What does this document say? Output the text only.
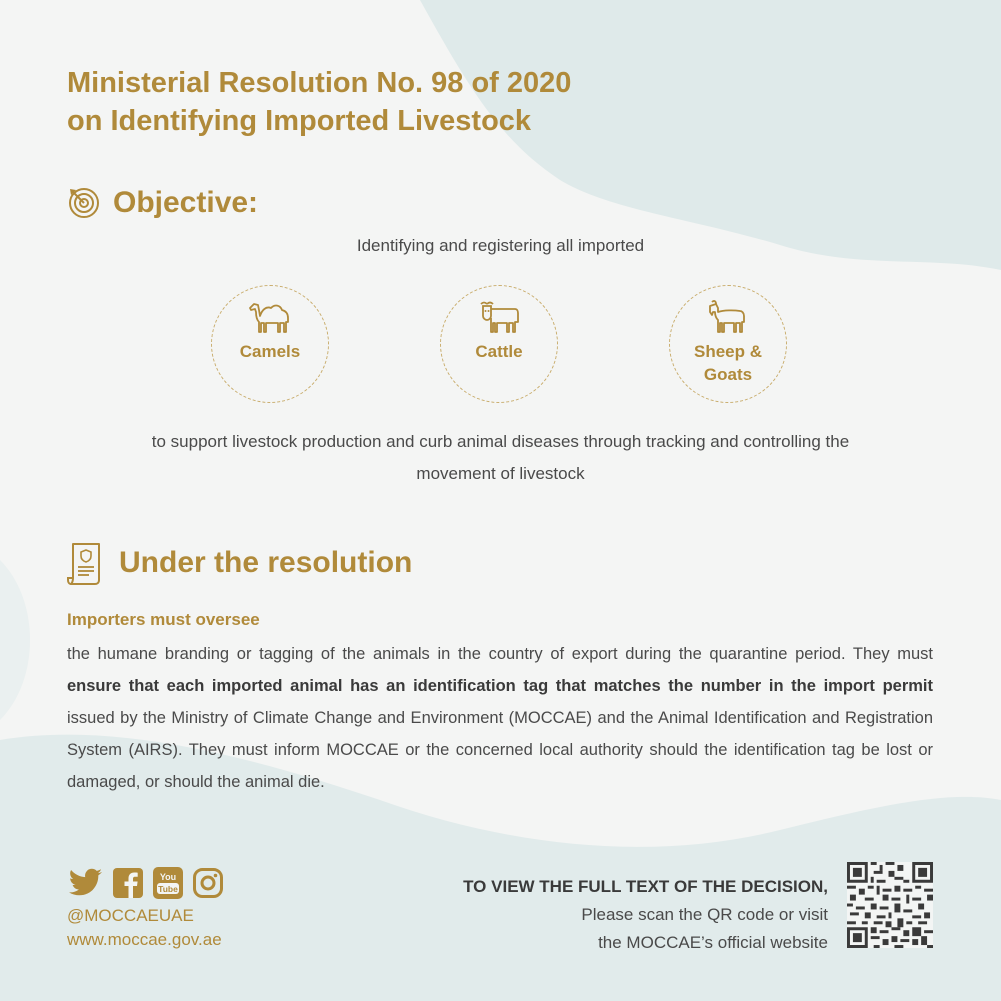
Ministerial Resolution No. 98 of 2020
on Identifying Imported Livestock
Objective:
Identifying and registering all imported
Camels	Cattle	Sheep &
Goats
to support livestock production and curb animal diseases through tracking and controlling the movement of livestock
Under the resolution
Importers must oversee
the humane branding or tagging of the animals in the country of export during the quarantine period. They must ensure that each imported animal has an identification tag that matches the number in the import permit issued by the Ministry of Climate Change and Environment (MOCCAE) and the Animal Identification and Registration System (AIRS). They must inform MOCCAE or the concerned local authority should the identification tag be lost or damaged, or should the animal die.
You
Tube
@MOCCAEUAE
www.moccae.gov.ae
TO VIEW THE FULL TEXT OF THE DECISION,
Please scan the QR code or visit
the MOCCAE’s official website
